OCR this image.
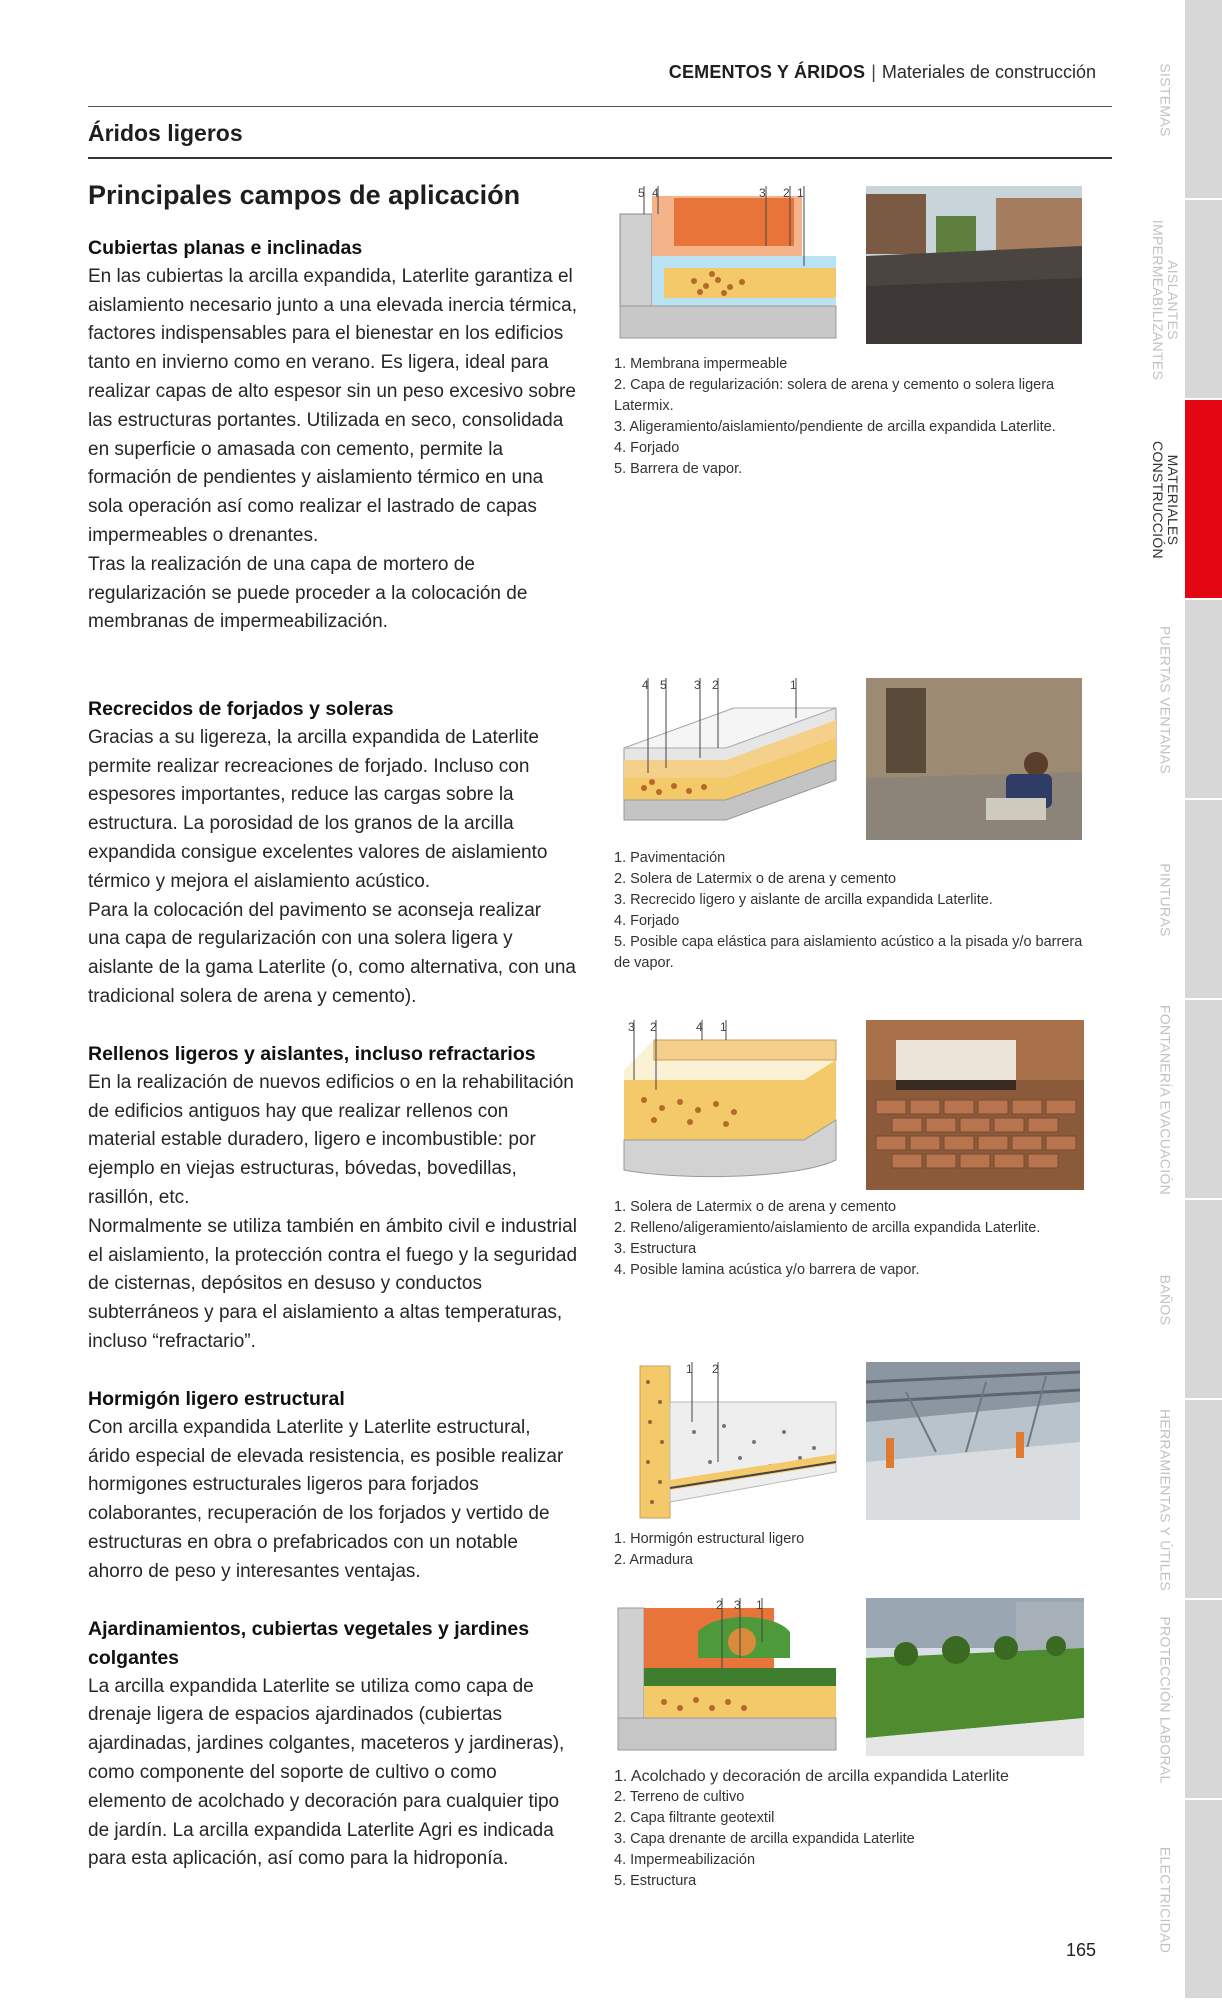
CEMENTOS Y ÁRIDOS | Materiales de construcción
Áridos ligeros
Principales campos de aplicación
Cubiertas planas e inclinadas

En las cubiertas la arcilla expandida, Laterlite garantiza el aislamiento necesario junto a una elevada inercia térmica, factores indispensables para el bienestar en los edificios tanto en invierno como en verano. Es ligera, ideal para realizar capas de alto espesor sin un peso excesivo sobre las estructuras portantes. Utilizada en seco, consolidada en superficie o amasada con cemento, permite la formación de pendientes y aislamiento térmico en una sola operación así como realizar el lastrado de capas impermeables o drenantes.

Tras la realización de una capa de mortero de regularización se puede proceder a la colocación de membranas de impermeabilización.

Recrecidos de forjados y soleras

Gracias a su ligereza, la arcilla expandida de Laterlite permite realizar recreaciones de forjado. Incluso con espesores importantes, reduce las cargas sobre la estructura. La porosidad de los granos de la arcilla expandida consigue excelentes valores de aislamiento térmico y mejora el aislamiento acústico.

Para la colocación del pavimento se aconseja realizar una capa de regularización con una solera ligera y aislante de la gama Laterlite (o, como alternativa, con una tradicional solera de arena y cemento).

Rellenos ligeros y aislantes, incluso refractarios

En la realización de nuevos edificios o en la rehabilitación de edificios antiguos hay que realizar rellenos con material estable duradero, ligero e incombustible: por ejemplo en viejas estructuras, bóvedas, bovedillas, rasillón, etc.

Normalmente se utiliza también en ámbito civil e industrial el aislamiento, la protección contra el fuego y la seguridad de cisternas, depósitos en desuso y conductos subterráneos y para el aislamiento a altas temperaturas, incluso “refractario”.

Hormigón ligero estructural

Con arcilla expandida Laterlite y Laterlite estructural, árido especial de elevada resistencia, es posible realizar hormigones estructurales ligeros para forjados colaborantes, recuperación de los forjados y vertido de estructuras en obra o prefabricados con un notable ahorro de peso y interesantes ventajas.

Ajardinamientos, cubiertas vegetales y jardines colgantes

La arcilla expandida Laterlite se utiliza como capa de drenaje ligera de espacios ajardinados (cubiertas ajardinadas, jardines colgantes, maceteros y jardineras), como componente del soporte de cultivo o como elemento de acolchado y decoración para cualquier tipo de jardín. La arcilla expandida Laterlite Agri es indicada para esta aplicación, así como para la hidroponía.

5 4	3 2 1
1. Membrana impermeable
2. Capa de regularización: solera de arena y cemento o solera ligera Latermix.
3. Aligeramiento/aislamiento/pendiente de arcilla expandida Laterlite.
4. Forjado
5. Barrera de vapor.
4 5 3 2	1
1. Pavimentación
2. Solera de Latermix o de arena y cemento
3. Recrecido ligero y aislante de arcilla expandida Laterlite.
4. Forjado
5. Posible capa elástica para aislamiento acústico a la pisada y/o barrera de vapor.
3 2	4 1
1. Solera de Latermix o de arena y cemento
2. Relleno/aligeramiento/aislamiento de arcilla expandida Laterlite.
3. Estructura
4. Posible lamina acústica y/o barrera de vapor.
1 2
1. Hormigón estructural ligero
2. Armadura
2 3 1
1. Acolchado y decoración de arcilla expandida Laterlite
2. Terreno de cultivo
2. Capa filtrante geotextil
3. Capa drenante de arcilla expandida Laterlite
4. Impermeabilización
5. Estructura
SISTEMAS
AISLANTES IMPERMEABILIZANTES
MATERIALES CONSTRUCCIÓN
PUERTAS VENTANAS
PINTURAS
FONTANERÍA EVACUACIÓN
BAÑOS
HERRAMIENTAS Y ÚTILES
PROTECCIÓN LABORAL
ELECTRICIDAD
165
